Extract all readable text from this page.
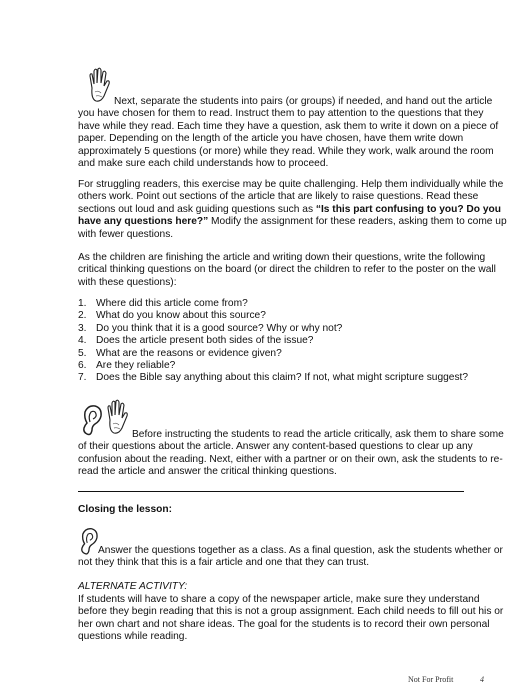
Next, separate the students into pairs (or groups) if needed, and hand out the article you have chosen for them to read. Instruct them to pay attention to the questions that they have while they read. Each time they have a question, ask them to write it down on a piece of paper. Depending on the length of the article you have chosen, have them write down approximately 5 questions (or more) while they read. While they work, walk around the room and make sure each child understands how to proceed.

For struggling readers, this exercise may be quite challenging. Help them individually while the others work. Point out sections of the article that are likely to raise questions. Read these sections out loud and ask guiding questions such as “Is this part confusing to you? Do you have any questions here?” Modify the assignment for these readers, asking them to come up with fewer questions.

As the children are finishing the article and writing down their questions, write the following critical thinking questions on the board (or direct the children to refer to the poster on the wall with these questions):

1. Where did this article come from?
2. What do you know about this source?
3. Do you think that it is a good source? Why or why not?
4. Does the article present both sides of the issue?
5. What are the reasons or evidence given?
6. Are they reliable?
7. Does the Bible say anything about this claim? If not, what might scripture suggest?

Before instructing the students to read the article critically, ask them to share some of their questions about the article. Answer any content-based questions to clear up any confusion about the reading. Next, either with a partner or on their own, ask the students to re-read the article and answer the critical thinking questions.

Closing the lesson:

Answer the questions together as a class. As a final question, ask the students whether or not they think that this is a fair article and one that they can trust.

ALTERNATE ACTIVITY:

If students will have to share a copy of the newspaper article, make sure they understand before they begin reading that this is not a group assignment. Each child needs to fill out his or her own chart and not share ideas. The goal for the students is to record their own personal questions while reading.

Not For Profit	4
